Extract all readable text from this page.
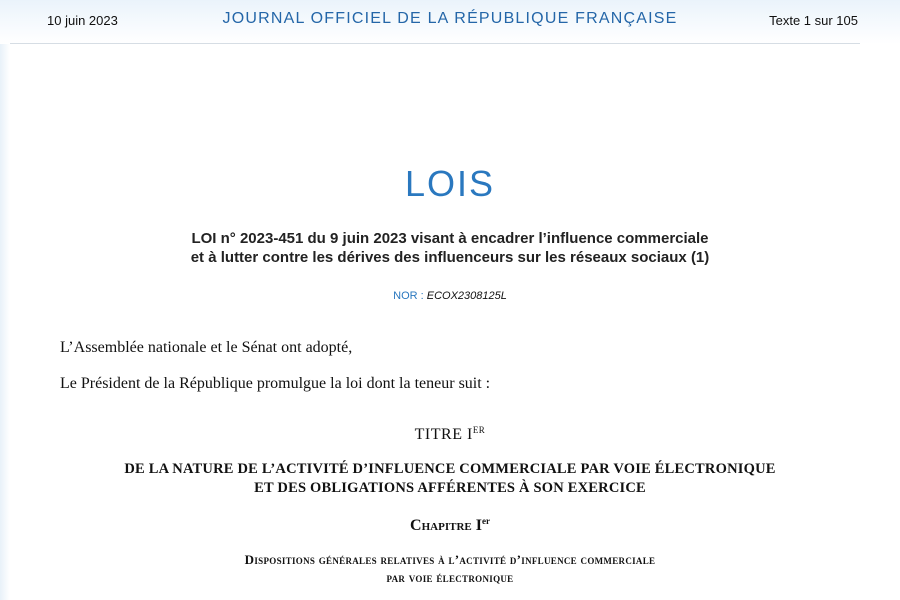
10 juin 2023	JOURNAL OFFICIEL DE LA RÉPUBLIQUE FRANÇAISE	Texte 1 sur 105
LOIS
LOI n° 2023-451 du 9 juin 2023 visant à encadrer l’influence commerciale
et à lutter contre les dérives des influenceurs sur les réseaux sociaux (1)
NOR : ECOX2308125L
L’Assemblée nationale et le Sénat ont adopté,
Le Président de la République promulgue la loi dont la teneur suit :
TITRE IER
DE LA NATURE DE L’ACTIVITÉ D’INFLUENCE COMMERCIALE PAR VOIE ÉLECTRONIQUE
ET DES OBLIGATIONS AFFÉRENTES À SON EXERCICE
Chapitre Ier
Dispositions générales relatives à l’activité d’influence commerciale
par voie électronique
